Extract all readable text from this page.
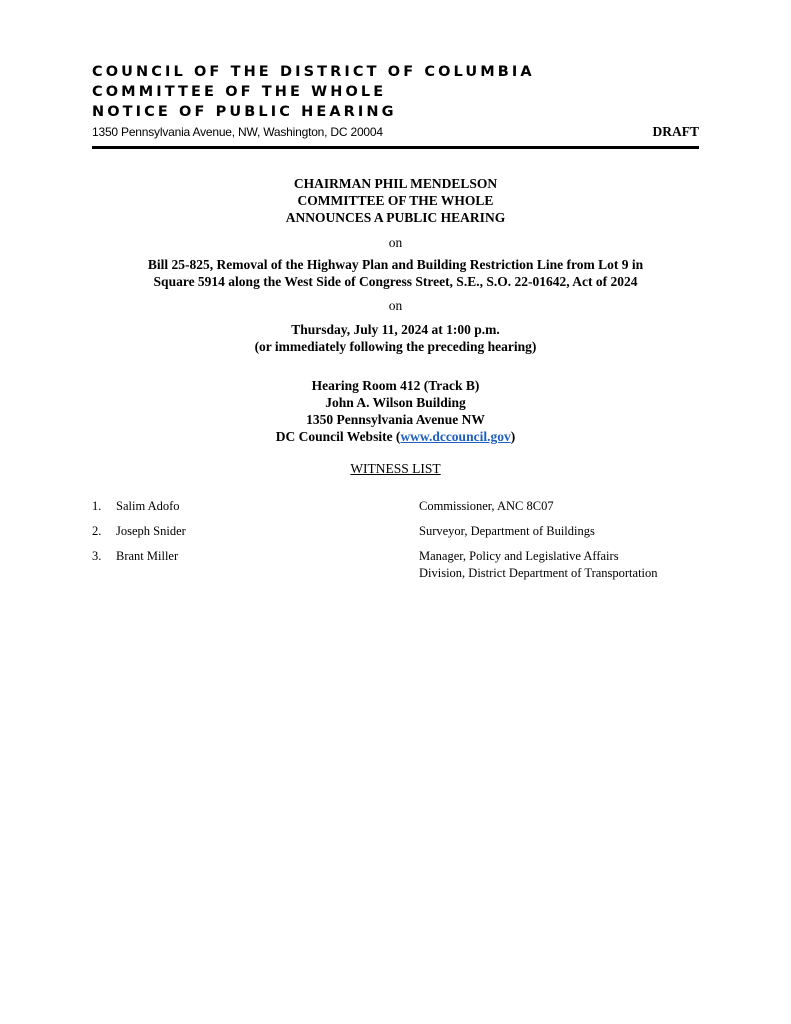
COUNCIL OF THE DISTRICT OF COLUMBIA
COMMITTEE OF THE WHOLE
NOTICE OF PUBLIC HEARING
1350 Pennsylvania Avenue, NW, Washington, DC 20004	DRAFT
CHAIRMAN PHIL MENDELSON
COMMITTEE OF THE WHOLE
ANNOUNCES A PUBLIC HEARING
on
Bill 25-825, Removal of the Highway Plan and Building Restriction Line from Lot 9 in
Square 5914 along the West Side of Congress Street, S.E., S.O. 22-01642, Act of 2024
on
Thursday, July 11, 2024 at 1:00 p.m.
(or immediately following the preceding hearing)
Hearing Room 412 (Track B)
John A. Wilson Building
1350 Pennsylvania Avenue NW
DC Council Website (www.dccouncil.gov)
WITNESS LIST
1. Salim Adofo	Commissioner, ANC 8C07
2. Joseph Snider	Surveyor, Department of Buildings
3. Brant Miller	Manager, Policy and Legislative Affairs
Division, District Department of Transportation
